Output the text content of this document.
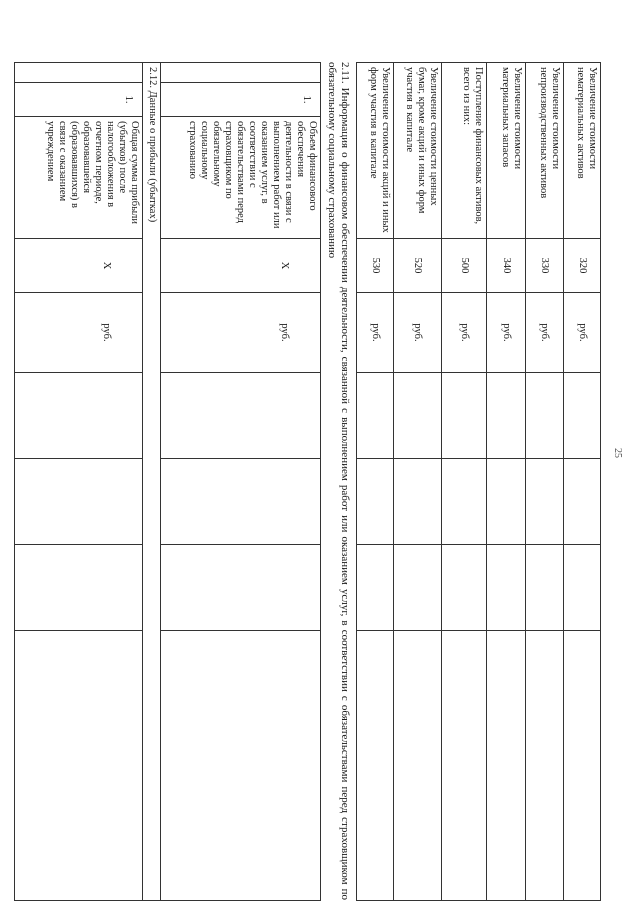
25
Увеличение стоимости нематериальных активов	320	руб.				
Увеличение стоимости непроизводственных активов	330	руб.				
Увеличение стоимости материальных запасов	340	руб.				
Поступление финансовых активов, всего из них:	500	руб.				
Увеличение стоимости ценных бумаг, кроме акций и иных форм участия в капитале	520	руб.				
Увеличение стоимости акций и иных форм участия в капитале	530	руб.				
2.11. Информация о финансовом обеспечении деятельности, связанной с выполнением работ или оказанием услуг, в соответствии с обязательствами перед страховщиком по обязательному социальному страхованию
	1.	Объем финансового обеспечения деятельности в связи с выполнением работ или оказанием услуг, в соответствии с обязательствами перед страховщиком по обязательному социальному страхованию	X	руб.				
2.12. Данные о прибыли (убытках)
	1.	Общая сумма прибыли (убытков) после налогообложения в отчетном периоде, образовавшейся (образовавшихся) в связи с оказанием учреждением	X	руб.				
